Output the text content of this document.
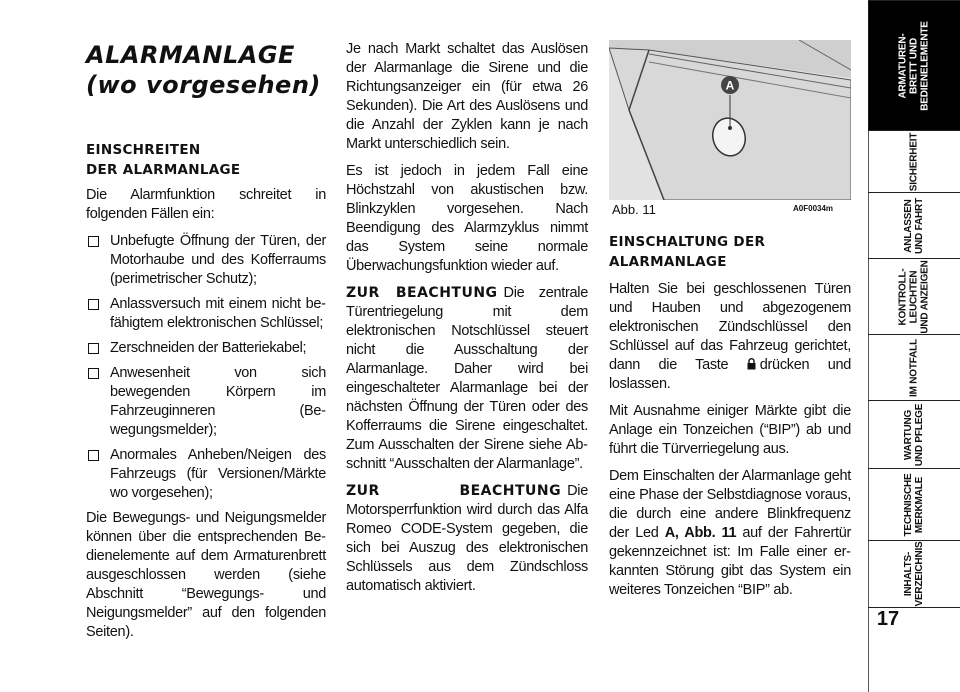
ALARMANLAGE
(wo vorgesehen)
EINSCHREITEN
DER ALARMANLAGE

Die Alarmfunktion schreitet in folgenden Fällen ein:

Unbefugte Öffnung der Türen, der Motorhaube und des Kofferraums (perimetrischer Schutz);
Anlassversuch mit einem nicht befähigtem elektronischen Schlüssel;
Zerschneiden der Batteriekabel;
Anwesenheit von sich bewegenden Körpern im Fahrzeuginneren (Bewegungsmelder);
Anormales Anheben/Neigen des Fahrzeugs (für Versionen/Märkte wo vorgesehen);

Die Bewegungs- und Neigungsmelder können über die entsprechenden Bedienelemente auf dem Armaturenbrett ausgeschlossen werden (siehe Abschnitt “Bewegungs- und Neigungsmelder” auf den folgenden Seiten).

Je nach Markt schaltet das Auslösen der Alarmanlage die Sirene und die Richtungsanzeiger ein (für etwa 26 Sekunden). Die Art des Auslösens und die Anzahl der Zyklen kann je nach Markt unterschiedlich sein.

Es ist jedoch in jedem Fall eine Höchstzahl von akustischen bzw. Blinkzyklen vorgesehen. Nach Beendigung des Alarmzyklus nimmt das System seine normale Überwachungsfunktion wieder auf.

ZUR BEACHTUNG Die zentrale Türentriegelung mit dem elektronischen Notschlüssel steuert nicht die Ausschaltung der Alarmanlage. Daher wird bei eingeschalteter Alarmanlage bei der nächsten Öffnung der Türen oder des Kofferraums die Sirene eingeschaltet. Zum Ausschalten der Sirene siehe Abschnitt “Ausschalten der Alarmanlage”.

ZUR BEACHTUNG Die Motorsperrfunktion wird durch das Alfa Romeo CODE-System gegeben, die sich bei Auszug des elektronischen Schlüssels aus dem Zündschloss automatisch aktiviert.

A
Abb. 11	A0F0034m
EINSCHALTUNG DER
ALARMANLAGE

Halten Sie bei geschlossenen Türen und Hauben und abgezogenem elektronischen Zündschlüssel den Schlüssel auf das Fahrzeug gerichtet, dann die Taste drücken und loslassen.

Mit Ausnahme einiger Märkte gibt die Anlage ein Tonzeichen (“BIP”) ab und führt die Türverriegelung aus.

Dem Einschalten der Alarmanlage geht eine Phase der Selbstdiagnose voraus, die durch eine andere Blinkfrequenz der Led A, Abb. 11 auf der Fahrertür gekennzeichnet ist: Im Falle einer erkannten Störung gibt das System ein weiteres Tonzeichen “BIP” ab.

ARMATUREN-
BRETT UND
BEDIENELEMENTE
SICHERHEIT
ANLASSEN
UND FAHRT
KONTROLL-
LEUCHTEN
UND ANZEIGEN
IM NOTFALL
WARTUNG
UND PFLEGE
TECHNISCHE
MERKMALE
INHALTS-
VERZEICHNIS
17
